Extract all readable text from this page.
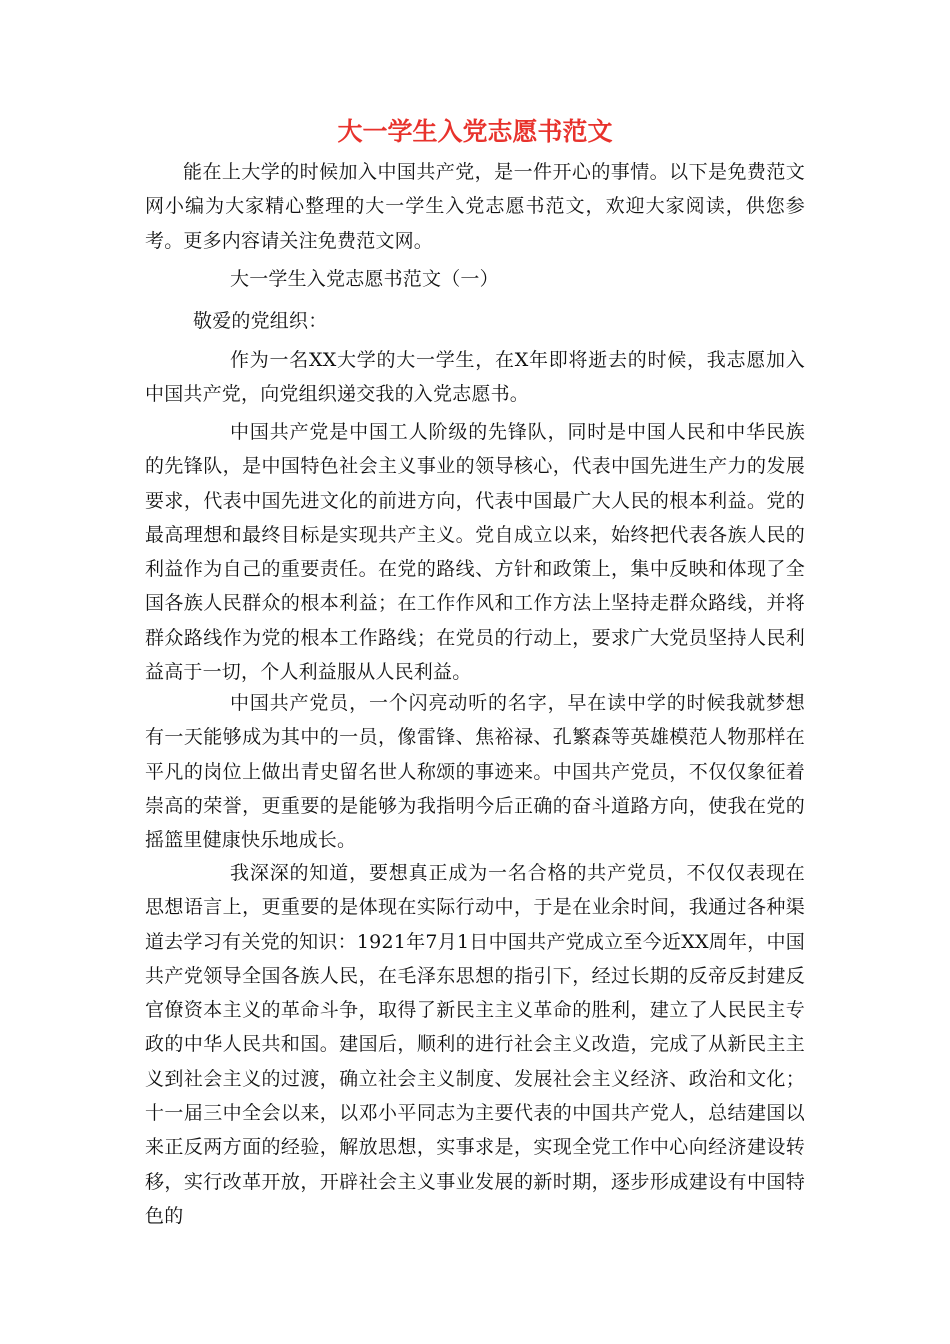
大一学生入党志愿书范文

能在上大学的时候加入中国共产党，是一件开心的事情。以下是免费范文网小编为大家精心整理的大一学生入党志愿书范文，欢迎大家阅读，供您参考。更多内容请关注免费范文网。

大一学生入党志愿书范文（一）

敬爱的党组织：

作为一名XX大学的大一学生，在X年即将逝去的时候，我志愿加入中国共产党，向党组织递交我的入党志愿书。

中国共产党是中国工人阶级的先锋队，同时是中国人民和中华民族的先锋队，是中国特色社会主义事业的领导核心，代表中国先进生产力的发展要求，代表中国先进文化的前进方向，代表中国最广大人民的根本利益。党的最高理想和最终目标是实现共产主义。党自成立以来，始终把代表各族人民的利益作为自己的重要责任。在党的路线、方针和政策上，集中反映和体现了全国各族人民群众的根本利益；在工作作风和工作方法上坚持走群众路线，并将群众路线作为党的根本工作路线；在党员的行动上，要求广大党员坚持人民利益高于一切，个人利益服从人民利益。

中国共产党员，一个闪亮动听的名字，早在读中学的时候我就梦想有一天能够成为其中的一员，像雷锋、焦裕禄、孔繁森等英雄模范人物那样在平凡的岗位上做出青史留名世人称颂的事迹来。中国共产党员，不仅仅象征着崇高的荣誉，更重要的是能够为我指明今后正确的奋斗道路方向，使我在党的摇篮里健康快乐地成长。

我深深的知道，要想真正成为一名合格的共产党员，不仅仅表现在思想语言上，更重要的是体现在实际行动中，于是在业余时间，我通过各种渠道去学习有关党的知识：1921年7月1日中国共产党成立至今近XX周年，中国共产党领导全国各族人民，在毛泽东思想的指引下，经过长期的反帝反封建反官僚资本主义的革命斗争，取得了新民主主义革命的胜利，建立了人民民主专政的中华人民共和国。建国后，顺利的进行社会主义改造，完成了从新民主主义到社会主义的过渡，确立社会主义制度、发展社会主义经济、政治和文化；十一届三中全会以来，以邓小平同志为主要代表的中国共产党人，总结建国以来正反两方面的经验，解放思想，实事求是，实现全党工作中心向经济建设转移，实行改革开放，开辟社会主义事业发展的新时期，逐步形成建设有中国特色的
